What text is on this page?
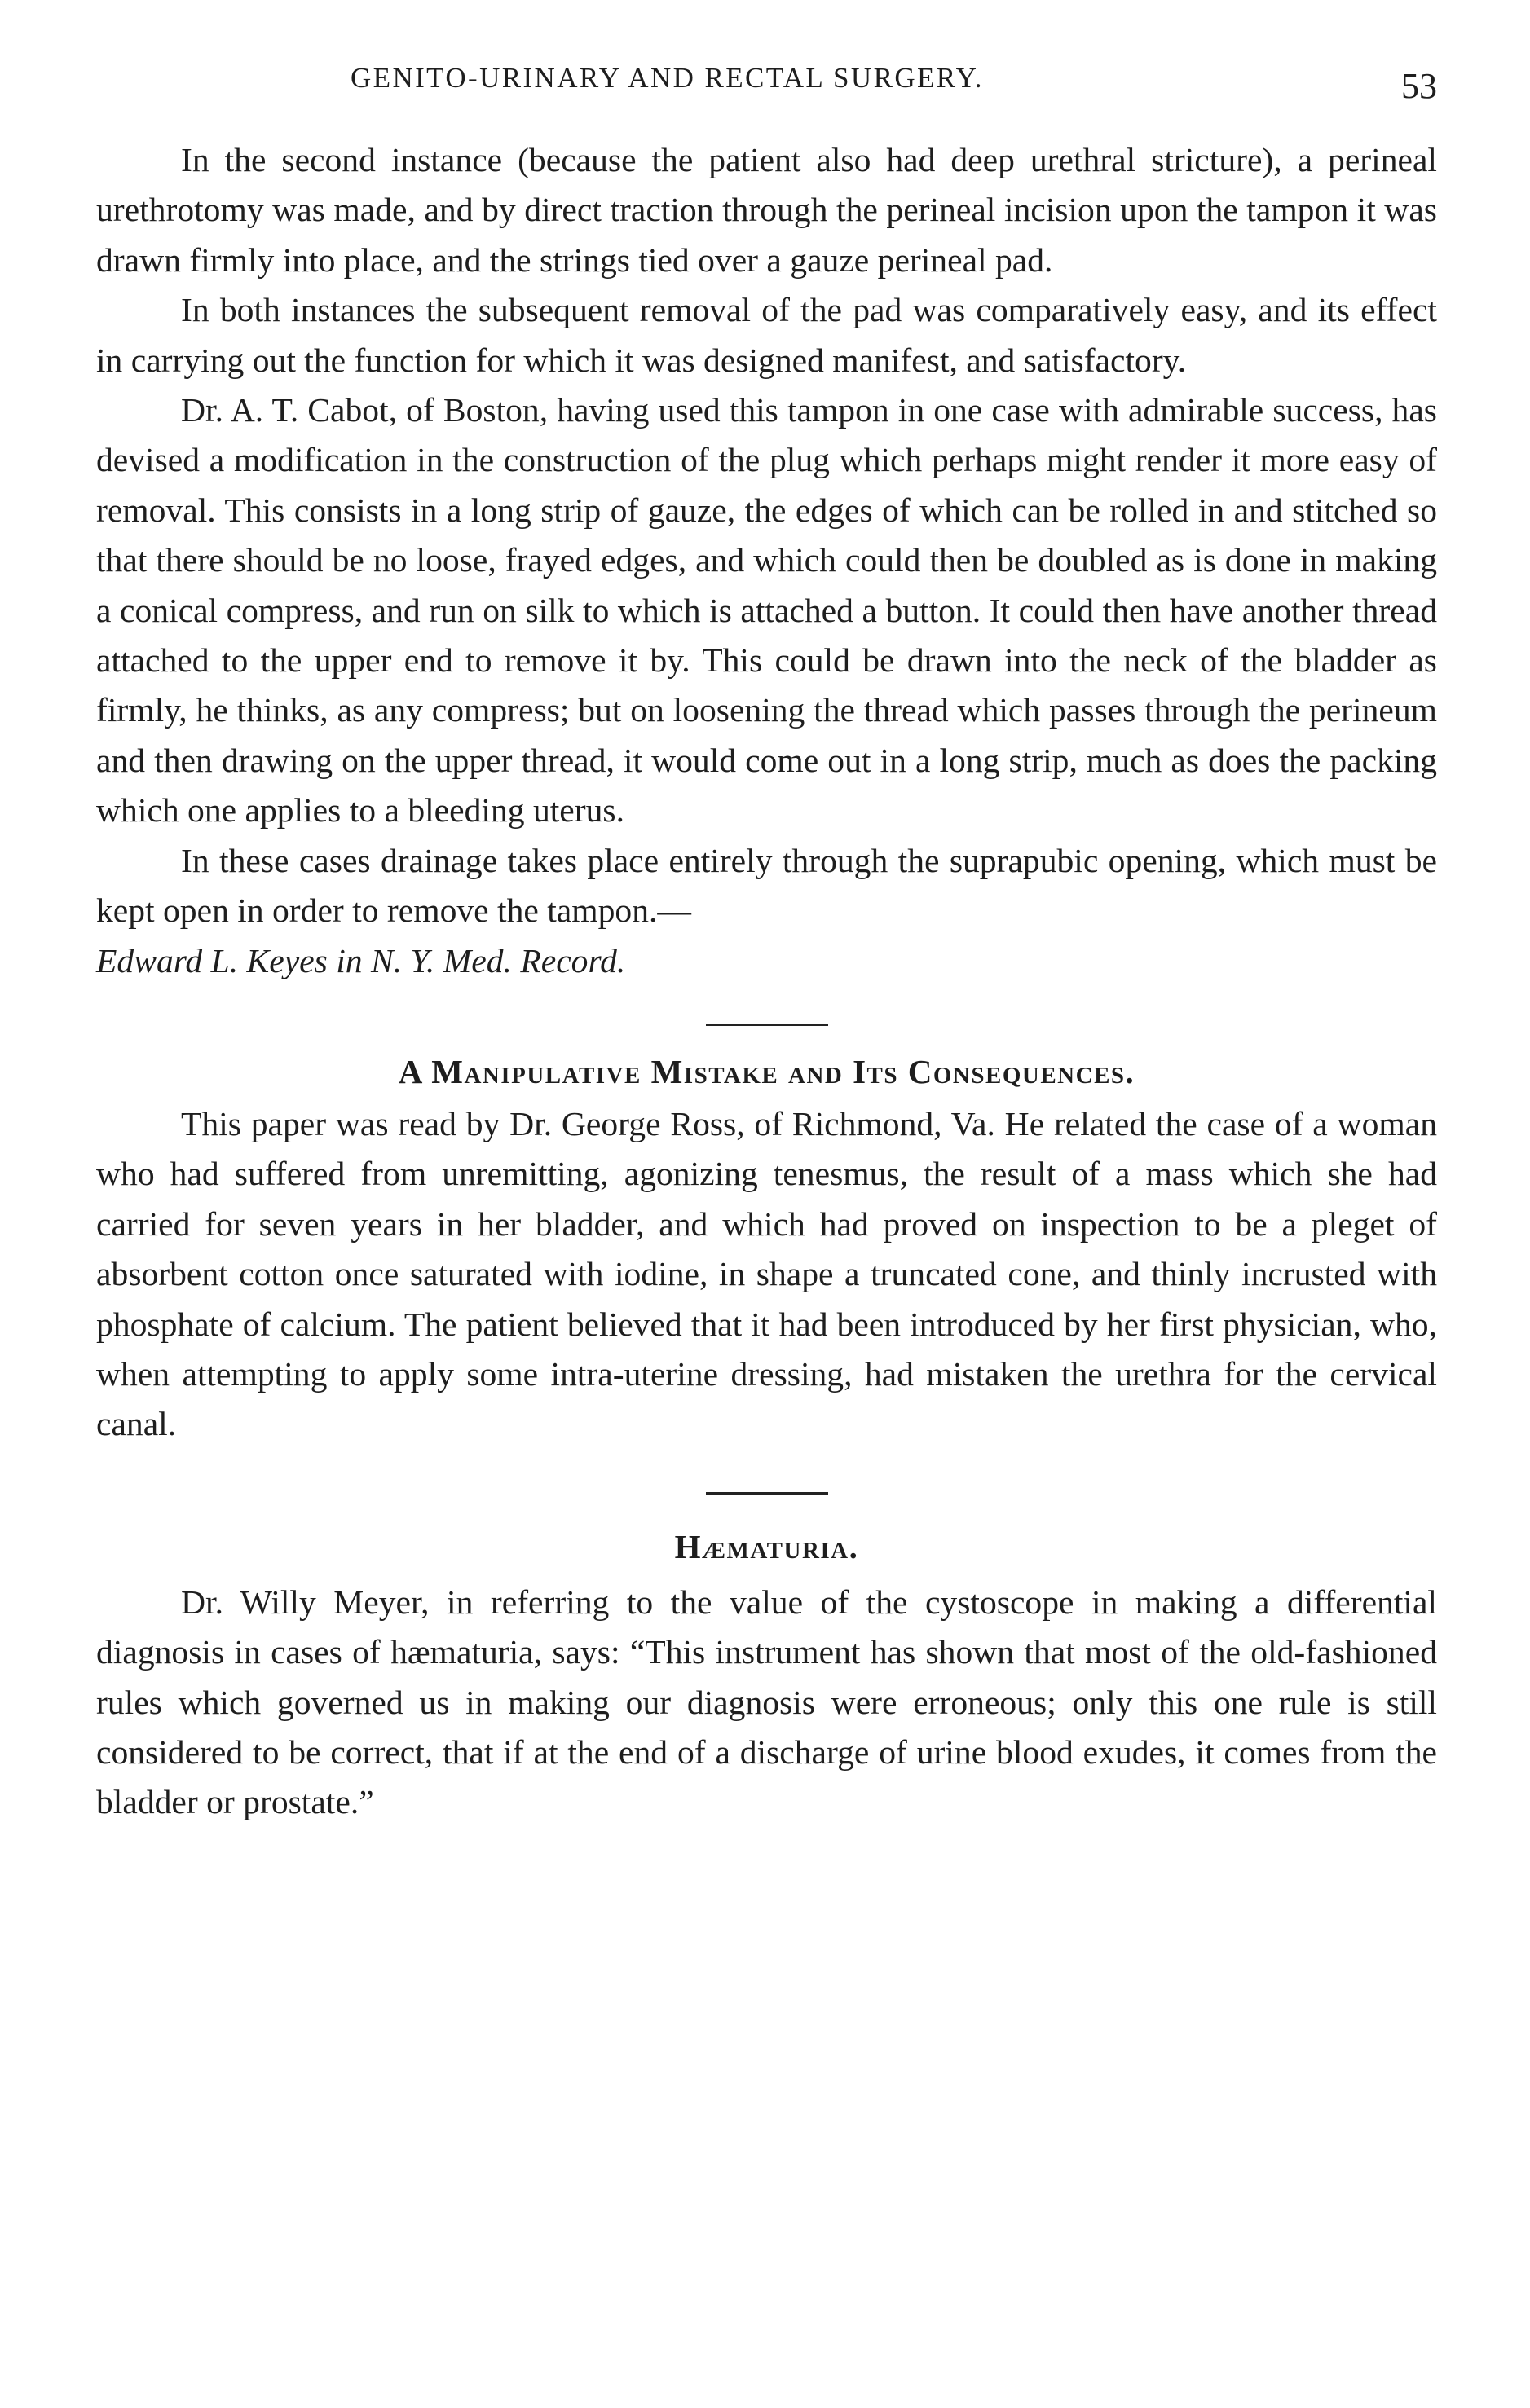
GENITO-URINARY AND RECTAL SURGERY.	53

In the second instance (because the patient also had deep urethral stricture), a perineal urethrotomy was made, and by direct traction through the perineal incision upon the tampon it was drawn firmly into place, and the strings tied over a gauze perineal pad.

In both instances the subsequent removal of the pad was comparatively easy, and its effect in carrying out the function for which it was designed manifest, and satisfactory.

Dr. A. T. Cabot, of Boston, having used this tampon in one case with admirable success, has devised a modification in the construction of the plug which perhaps might render it more easy of removal. This consists in a long strip of gauze, the edges of which can be rolled in and stitched so that there should be no loose, frayed edges, and which could then be doubled as is done in making a conical compress, and run on silk to which is attached a button. It could then have another thread attached to the upper end to remove it by. This could be drawn into the neck of the bladder as firmly, he thinks, as any compress; but on loosening the thread which passes through the perineum and then drawing on the upper thread, it would come out in a long strip, much as does the packing which one applies to a bleeding uterus.

In these cases drainage takes place entirely through the suprapubic opening, which must be kept open in order to remove the tampon.—

Edward L. Keyes in N. Y. Med. Record.

A Manipulative Mistake and Its Consequences.

This paper was read by Dr. George Ross, of Richmond, Va. He related the case of a woman who had suffered from unremitting, agonizing tenesmus, the result of a mass which she had carried for seven years in her bladder, and which had proved on inspection to be a pleget of absorbent cotton once saturated with iodine, in shape a truncated cone, and thinly incrusted with phosphate of calcium. The patient believed that it had been introduced by her first physician, who, when attempting to apply some intra-uterine dressing, had mistaken the urethra for the cervical canal.

Hæmaturia.

Dr. Willy Meyer, in referring to the value of the cystoscope in making a differential diagnosis in cases of hæmaturia, says: “This instrument has shown that most of the old-fashioned rules which governed us in making our diagnosis were erroneous; only this one rule is still considered to be correct, that if at the end of a discharge of urine blood exudes, it comes from the bladder or prostate.”
